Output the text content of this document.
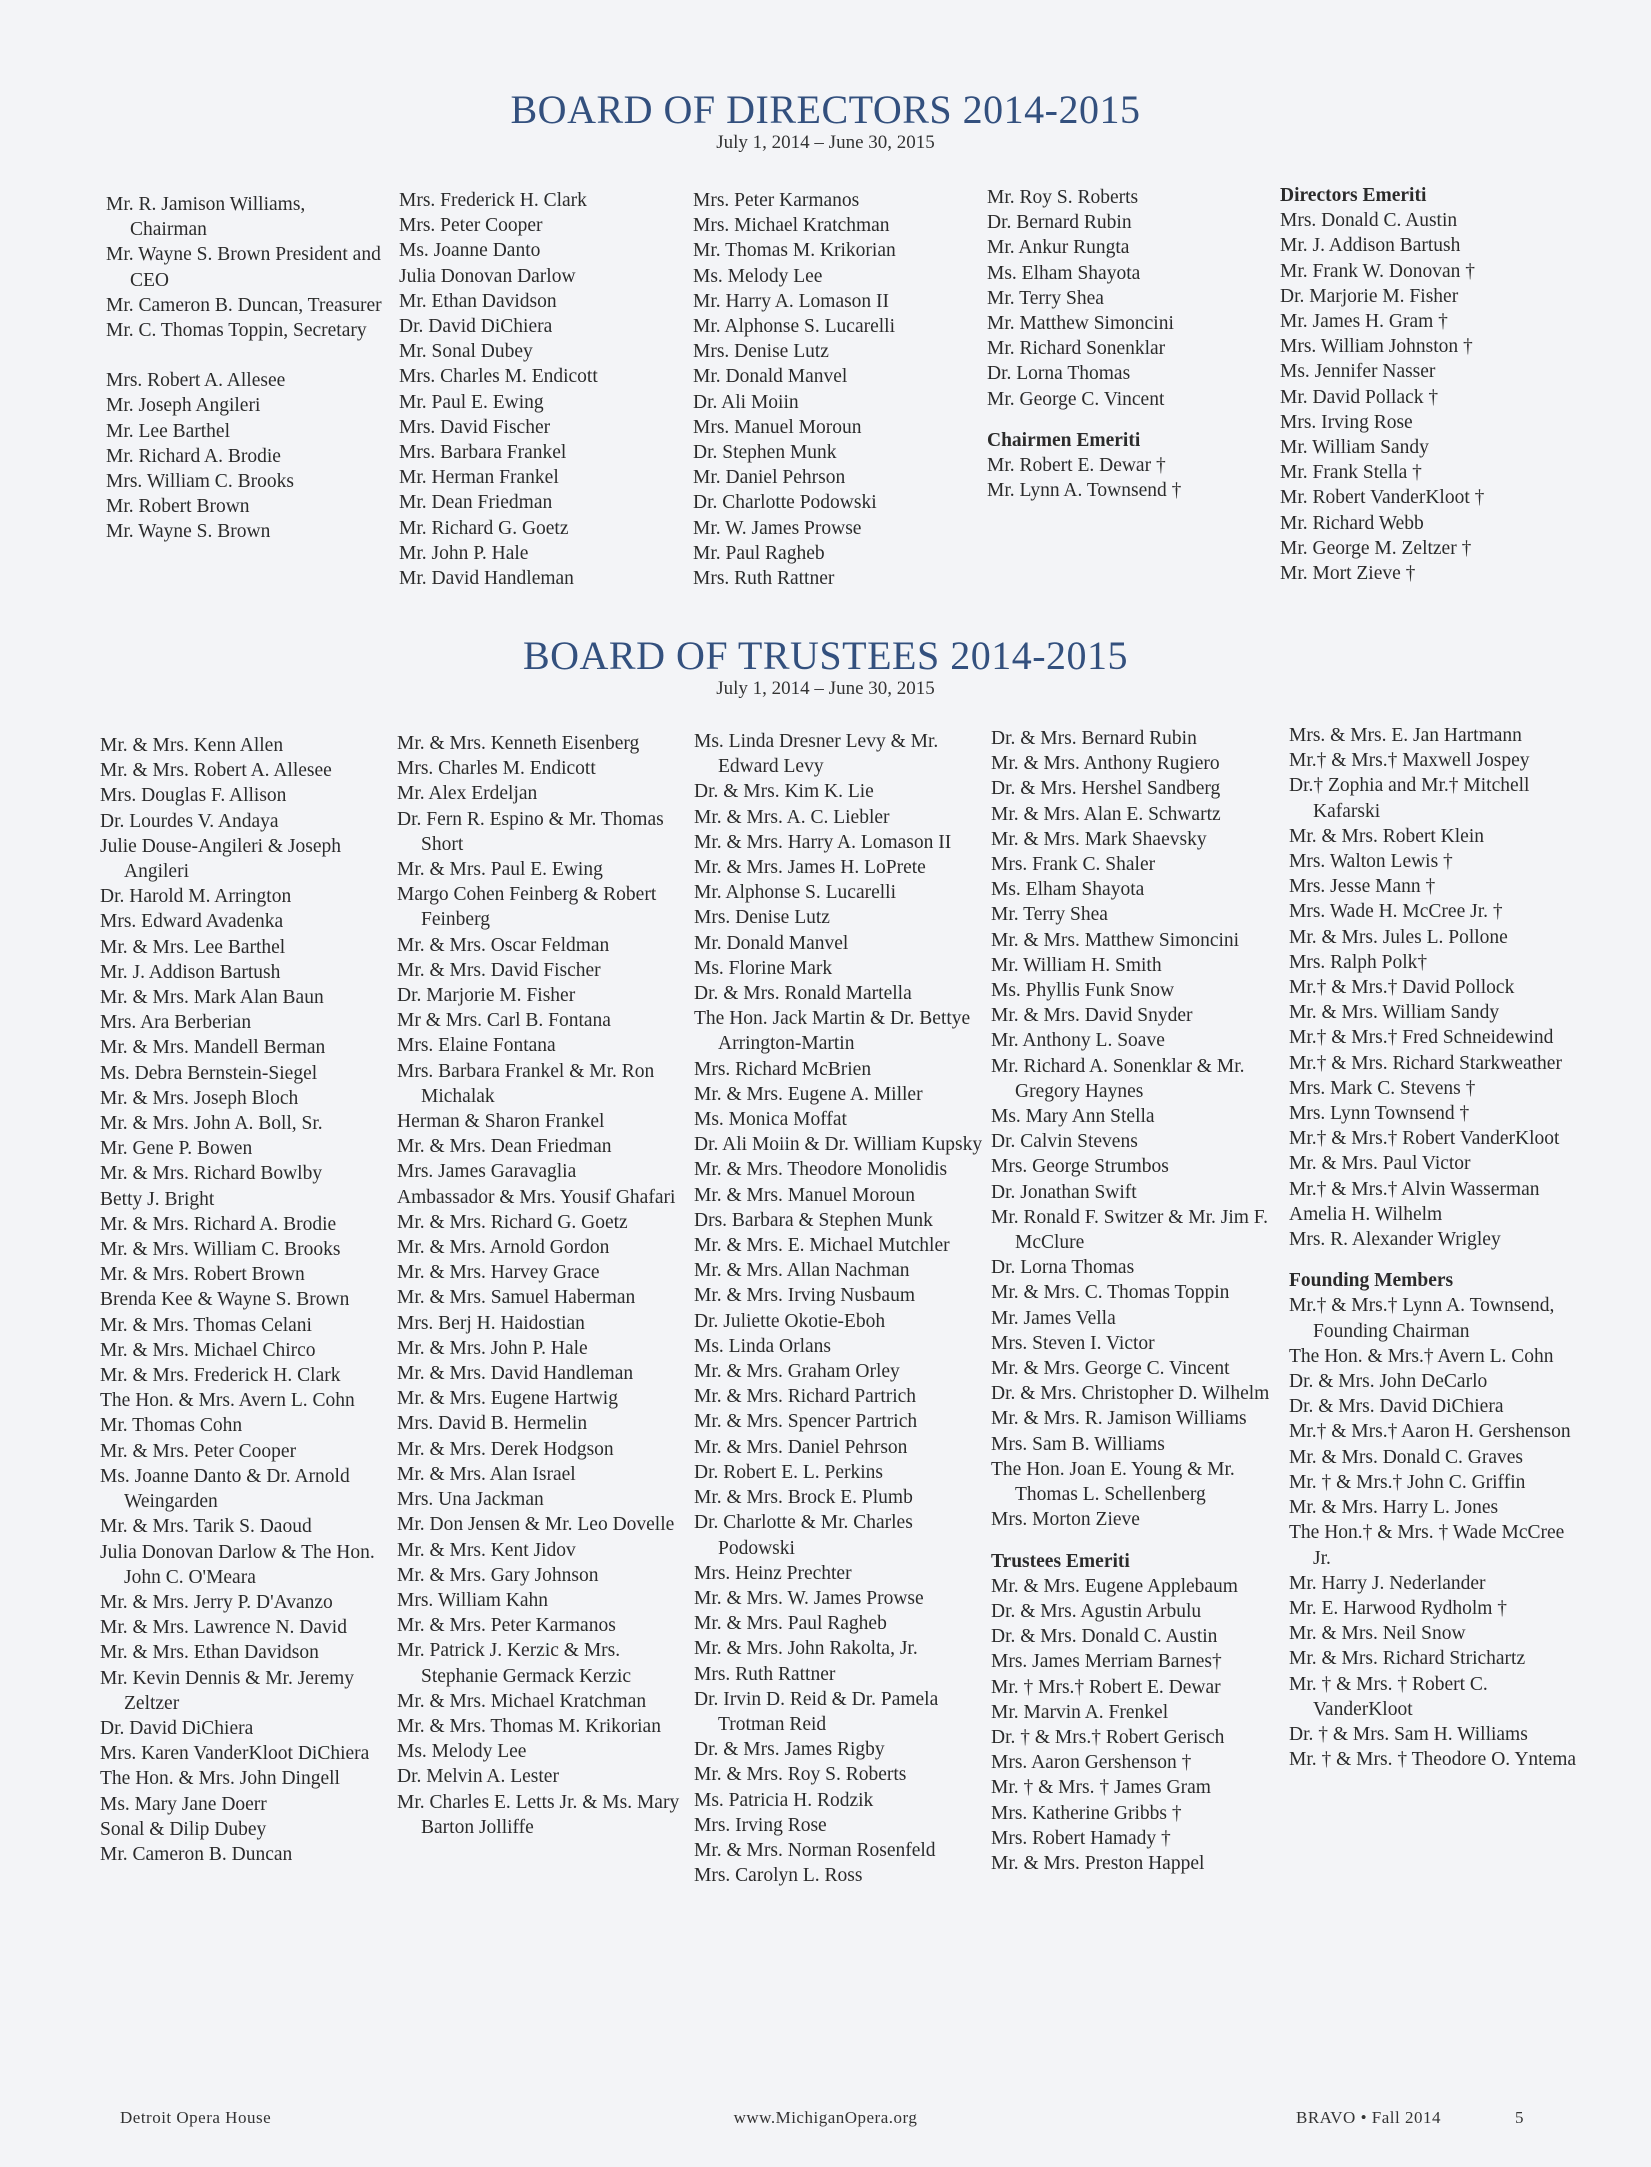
BOARD OF DIRECTORS 2014-2015
July 1, 2014 – June 30, 2015
Mr. R. Jamison Williams, Chairman
Mr. Wayne S. Brown President and CEO
Mr. Cameron B. Duncan, Treasurer
Mr. C. Thomas Toppin, Secretary
Mrs. Robert A. Allesee
Mr. Joseph Angileri
Mr. Lee Barthel
Mr. Richard A. Brodie
Mrs. William C. Brooks
Mr. Robert Brown
Mr. Wayne S. Brown
Mrs. Frederick H. Clark
Mrs. Peter Cooper
Ms. Joanne Danto
Julia Donovan Darlow
Mr. Ethan Davidson
Dr. David DiChiera
Mr. Sonal Dubey
Mrs. Charles M. Endicott
Mr. Paul E. Ewing
Mrs. David Fischer
Mrs. Barbara Frankel
Mr. Herman Frankel
Mr. Dean Friedman
Mr. Richard G. Goetz
Mr. John P. Hale
Mr. David Handleman
Mrs. Peter Karmanos
Mrs. Michael Kratchman
Mr. Thomas M. Krikorian
Ms. Melody Lee
Mr. Harry A. Lomason II
Mr. Alphonse S. Lucarelli
Mrs. Denise Lutz
Mr. Donald Manvel
Dr. Ali Moiin
Mrs. Manuel Moroun
Dr. Stephen Munk
Mr. Daniel Pehrson
Dr. Charlotte Podowski
Mr. W. James Prowse
Mr. Paul Ragheb
Mrs. Ruth Rattner
Mr. Roy S. Roberts
Dr. Bernard Rubin
Mr. Ankur Rungta
Ms. Elham Shayota
Mr. Terry Shea
Mr. Matthew Simoncini
Mr. Richard Sonenklar
Dr. Lorna Thomas
Mr. George C. Vincent
Chairmen Emeriti
Mr. Robert E. Dewar †
Mr. Lynn A. Townsend †
Directors Emeriti
Mrs. Donald C. Austin
Mr. J. Addison Bartush
Mr. Frank W. Donovan †
Dr. Marjorie M. Fisher
Mr. James H. Gram †
Mrs. William Johnston †
Ms. Jennifer Nasser
Mr. David Pollack †
Mrs. Irving Rose
Mr. William Sandy
Mr. Frank Stella †
Mr. Robert VanderKloot †
Mr. Richard Webb
Mr. George M. Zeltzer †
Mr. Mort Zieve †
BOARD OF TRUSTEES 2014-2015
July 1, 2014 – June 30, 2015
Mr. & Mrs. Kenn Allen
Mr. & Mrs. Robert A. Allesee
Mrs. Douglas F. Allison
Dr. Lourdes V. Andaya
Julie Douse-Angileri & Joseph Angileri
Dr. Harold M. Arrington
Mrs. Edward Avadenka
Mr. & Mrs. Lee Barthel
Mr. J. Addison Bartush
Mr. & Mrs. Mark Alan Baun
Mrs. Ara Berberian
Mr. & Mrs. Mandell Berman
Ms. Debra Bernstein-Siegel
Mr. & Mrs. Joseph Bloch
Mr. & Mrs. John A. Boll, Sr.
Mr. Gene P. Bowen
Mr. & Mrs. Richard Bowlby
Betty J. Bright
Mr. & Mrs. Richard A. Brodie
Mr. & Mrs. William C. Brooks
Mr. & Mrs. Robert Brown
Brenda Kee & Wayne S. Brown
Mr. & Mrs. Thomas Celani
Mr. & Mrs. Michael Chirco
Mr. & Mrs. Frederick H. Clark
The Hon. & Mrs. Avern L. Cohn
Mr. Thomas Cohn
Mr. & Mrs. Peter Cooper
Ms. Joanne Danto & Dr. Arnold Weingarden
Mr. & Mrs. Tarik S. Daoud
Julia Donovan Darlow & The Hon. John C. O'Meara
Mr. & Mrs. Jerry P. D'Avanzo
Mr. & Mrs. Lawrence N. David
Mr. & Mrs. Ethan Davidson
Mr. Kevin Dennis & Mr. Jeremy Zeltzer
Dr. David DiChiera
Mrs. Karen VanderKloot DiChiera
The Hon. & Mrs. John Dingell
Ms. Mary Jane Doerr
Sonal & Dilip Dubey
Mr. Cameron B. Duncan
Mr. & Mrs. Kenneth Eisenberg
Mrs. Charles M. Endicott
Mr. Alex Erdeljan
Dr. Fern R. Espino & Mr. Thomas Short
Mr. & Mrs. Paul E. Ewing
Margo Cohen Feinberg & Robert Feinberg
Mr. & Mrs. Oscar Feldman
Mr. & Mrs. David Fischer
Dr. Marjorie M. Fisher
Mr & Mrs. Carl B. Fontana
Mrs. Elaine Fontana
Mrs. Barbara Frankel & Mr. Ron Michalak
Herman & Sharon Frankel
Mr. & Mrs. Dean Friedman
Mrs. James Garavaglia
Ambassador & Mrs. Yousif Ghafari
Mr. & Mrs. Richard G. Goetz
Mr. & Mrs. Arnold Gordon
Mr. & Mrs. Harvey Grace
Mr. & Mrs. Samuel Haberman
Mrs. Berj H. Haidostian
Mr. & Mrs. John P. Hale
Mr. & Mrs. David Handleman
Mr. & Mrs. Eugene Hartwig
Mrs. David B. Hermelin
Mr. & Mrs. Derek Hodgson
Mr. & Mrs. Alan Israel
Mrs. Una Jackman
Mr. Don Jensen & Mr. Leo Dovelle
Mr. & Mrs. Kent Jidov
Mr. & Mrs. Gary Johnson
Mrs. William Kahn
Mr. & Mrs. Peter Karmanos
Mr. Patrick J. Kerzic & Mrs. Stephanie Germack Kerzic
Mr. & Mrs. Michael Kratchman
Mr. & Mrs. Thomas M. Krikorian
Ms. Melody Lee
Dr. Melvin A. Lester
Mr. Charles E. Letts Jr. & Ms. Mary Barton Jolliffe
Ms. Linda Dresner Levy & Mr. Edward Levy
Dr. & Mrs. Kim K. Lie
Mr. & Mrs. A. C. Liebler
Mr. & Mrs. Harry A. Lomason II
Mr. & Mrs. James H. LoPrete
Mr. Alphonse S. Lucarelli
Mrs. Denise Lutz
Mr. Donald Manvel
Ms. Florine Mark
Dr. & Mrs. Ronald Martella
The Hon. Jack Martin & Dr. Bettye Arrington-Martin
Mrs. Richard McBrien
Mr. & Mrs. Eugene A. Miller
Ms. Monica Moffat
Dr. Ali Moiin & Dr. William Kupsky
Mr. & Mrs. Theodore Monolidis
Mr. & Mrs. Manuel Moroun
Drs. Barbara & Stephen Munk
Mr. & Mrs. E. Michael Mutchler
Mr. & Mrs. Allan Nachman
Mr. & Mrs. Irving Nusbaum
Dr. Juliette Okotie-Eboh
Ms. Linda Orlans
Mr. & Mrs. Graham Orley
Mr. & Mrs. Richard Partrich
Mr. & Mrs. Spencer Partrich
Mr. & Mrs. Daniel Pehrson
Dr. Robert E. L. Perkins
Mr. & Mrs. Brock E. Plumb
Dr. Charlotte & Mr. Charles Podowski
Mrs. Heinz Prechter
Mr. & Mrs. W. James Prowse
Mr. & Mrs. Paul Ragheb
Mr. & Mrs. John Rakolta, Jr.
Mrs. Ruth Rattner
Dr. Irvin D. Reid & Dr. Pamela Trotman Reid
Dr. & Mrs. James Rigby
Mr. & Mrs. Roy S. Roberts
Ms. Patricia H. Rodzik
Mrs. Irving Rose
Mr. & Mrs. Norman Rosenfeld
Mrs. Carolyn L. Ross
Dr. & Mrs. Bernard Rubin
Mr. & Mrs. Anthony Rugiero
Dr. & Mrs. Hershel Sandberg
Mr. & Mrs. Alan E. Schwartz
Mr. & Mrs. Mark Shaevsky
Mrs. Frank C. Shaler
Ms. Elham Shayota
Mr. Terry Shea
Mr. & Mrs. Matthew Simoncini
Mr. William H. Smith
Ms. Phyllis Funk Snow
Mr. & Mrs. David Snyder
Mr. Anthony L. Soave
Mr. Richard A. Sonenklar & Mr. Gregory Haynes
Ms. Mary Ann Stella
Dr. Calvin Stevens
Mrs. George Strumbos
Dr. Jonathan Swift
Mr. Ronald F. Switzer & Mr. Jim F. McClure
Dr. Lorna Thomas
Mr. & Mrs. C. Thomas Toppin
Mr. James Vella
Mrs. Steven I. Victor
Mr. & Mrs. George C. Vincent
Dr. & Mrs. Christopher D. Wilhelm
Mr. & Mrs. R. Jamison Williams
Mrs. Sam B. Williams
The Hon. Joan E. Young & Mr. Thomas L. Schellenberg
Mrs. Morton Zieve
Trustees Emeriti
Mr. & Mrs. Eugene Applebaum
Dr. & Mrs. Agustin Arbulu
Dr. & Mrs. Donald C. Austin
Mrs. James Merriam Barnes†
Mr. † Mrs.† Robert E. Dewar
Mr. Marvin A. Frenkel
Dr. † & Mrs.† Robert Gerisch
Mrs. Aaron Gershenson †
Mr. † & Mrs. † James Gram
Mrs. Katherine Gribbs †
Mrs. Robert Hamady †
Mr. & Mrs. Preston Happel
Mrs. & Mrs. E. Jan Hartmann
Mr.† & Mrs.† Maxwell Jospey
Dr.† Zophia and Mr.† Mitchell Kafarski
Mr. & Mrs. Robert Klein
Mrs. Walton Lewis †
Mrs. Jesse Mann †
Mrs. Wade H. McCree Jr. †
Mr. & Mrs. Jules L. Pollone
Mrs. Ralph Polk†
Mr.† & Mrs.† David Pollock
Mr. & Mrs. William Sandy
Mr.† & Mrs.† Fred Schneidewind
Mr.† & Mrs. Richard Starkweather
Mrs. Mark C. Stevens †
Mrs. Lynn Townsend †
Mr.† & Mrs.† Robert VanderKloot
Mr. & Mrs. Paul Victor
Mr.† & Mrs.† Alvin Wasserman
Amelia H. Wilhelm
Mrs. R. Alexander Wrigley
Founding Members
Mr.† & Mrs.† Lynn A. Townsend, Founding Chairman
The Hon. & Mrs.† Avern L. Cohn
Dr. & Mrs. John DeCarlo
Dr. & Mrs. David DiChiera
Mr.† & Mrs.† Aaron H. Gershenson
Mr. & Mrs. Donald C. Graves
Mr. † & Mrs.† John C. Griffin
Mr. & Mrs. Harry L. Jones
The Hon.† & Mrs. † Wade McCree Jr.
Mr. Harry J. Nederlander
Mr. E. Harwood Rydholm †
Mr. & Mrs. Neil Snow
Mr. & Mrs. Richard Strichartz
Mr. † & Mrs. † Robert C. VanderKloot
Dr. † & Mrs. Sam H. Williams
Mr. † & Mrs. † Theodore O. Yntema
Detroit Opera House	www.MichiganOpera.org	BRAVO • Fall 2014	5
